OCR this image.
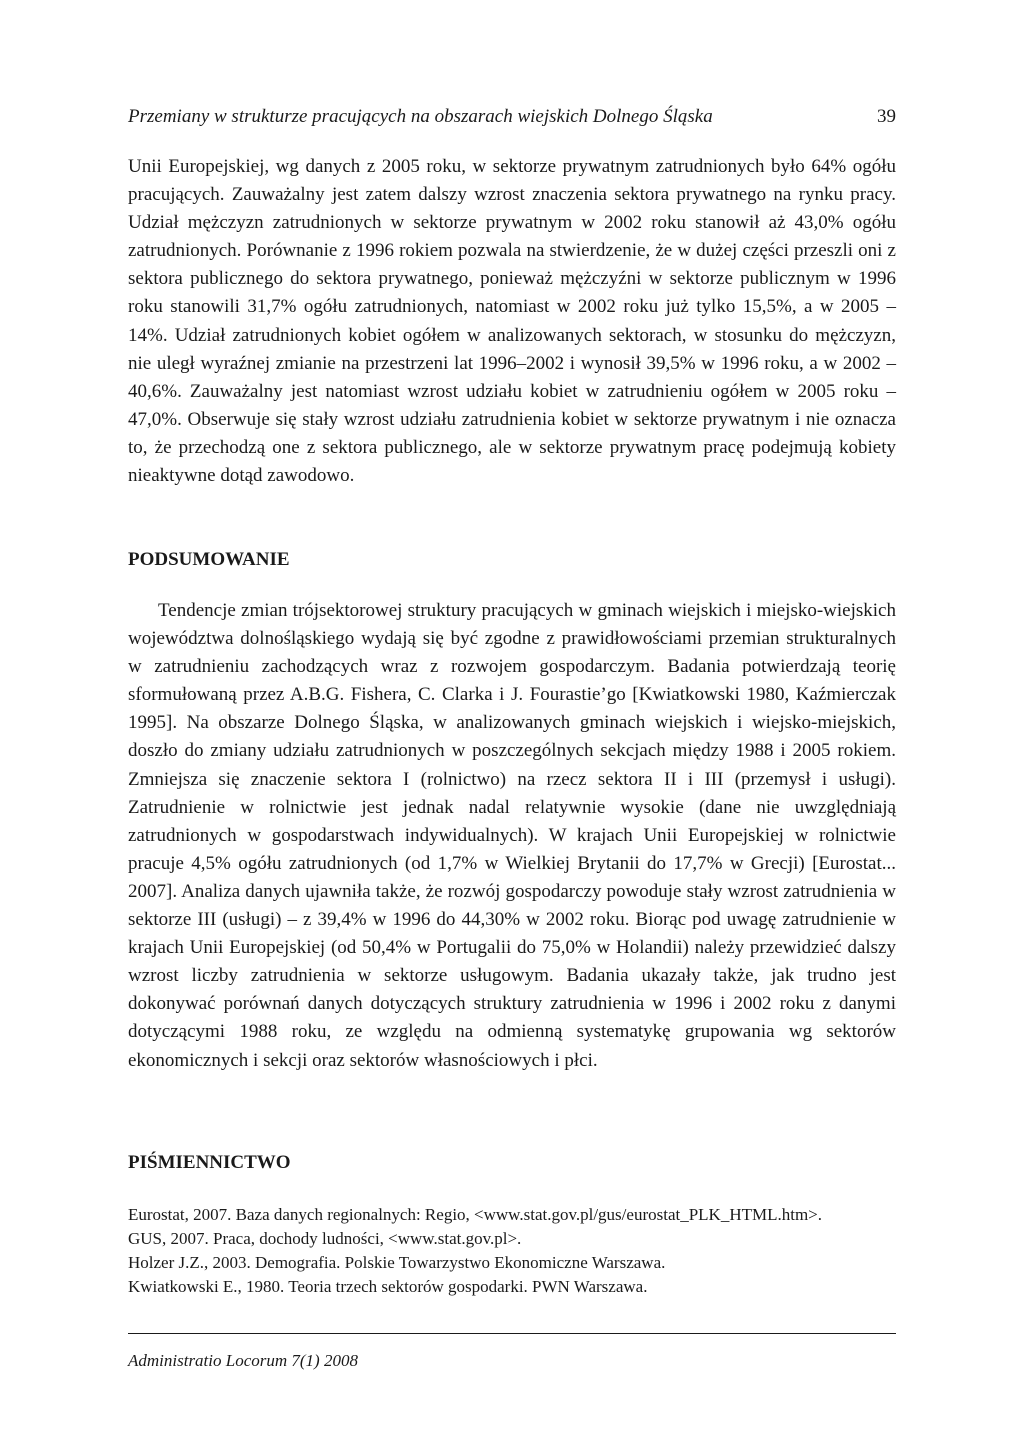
Przemiany w strukturze pracujących na obszarach wiejskich Dolnego Śląska	39

Unii Europejskiej, wg danych z 2005 roku, w sektorze prywatnym zatrudnionych było 64% ogółu pracujących. Zauważalny jest zatem dalszy wzrost znaczenia sektora prywatnego na rynku pracy. Udział mężczyzn zatrudnionych w sektorze prywatnym w 2002 roku stanowił aż 43,0% ogółu zatrudnionych. Porównanie z 1996 rokiem pozwala na stwierdzenie, że w dużej części przeszli oni z sektora publicznego do sektora prywatnego, ponieważ mężczyźni w sektorze publicznym w 1996 roku stanowili 31,7% ogółu zatrudnionych, natomiast w 2002 roku już tylko 15,5%, a w 2005 – 14%. Udział zatrudnionych kobiet ogółem w analizowanych sektorach, w stosunku do mężczyzn, nie uległ wyraźnej zmianie na przestrzeni lat 1996–2002 i wynosił 39,5% w 1996 roku, a w 2002 – 40,6%. Zauważalny jest natomiast wzrost udziału kobiet w zatrudnieniu ogółem w 2005 roku – 47,0%. Obserwuje się stały wzrost udziału zatrudnienia kobiet w sektorze prywatnym i nie oznacza to, że przechodzą one z sektora publicznego, ale w sektorze prywatnym pracę podejmują kobiety nieaktywne dotąd zawodowo.

PODSUMOWANIE

Tendencje zmian trójsektorowej struktury pracujących w gminach wiejskich i miejsko-wiejskich województwa dolnośląskiego wydają się być zgodne z prawidłowościami przemian strukturalnych w zatrudnieniu zachodzących wraz z rozwojem gospodarczym. Badania potwierdzają teorię sformułowaną przez A.B.G. Fishera, C. Clarka i J. Fourastie’go [Kwiatkowski 1980, Kaźmierczak 1995]. Na obszarze Dolnego Śląska, w analizowanych gminach wiejskich i wiejsko-miejskich, doszło do zmiany udziału zatrudnionych w poszczególnych sekcjach między 1988 i 2005 rokiem. Zmniejsza się znaczenie sektora I (rolnictwo) na rzecz sektora II i III (przemysł i usługi). Zatrudnienie w rolnictwie jest jednak nadal relatywnie wysokie (dane nie uwzględniają zatrudnionych w gospodarstwach indywidualnych). W krajach Unii Europejskiej w rolnictwie pracuje 4,5% ogółu zatrudnionych (od 1,7% w Wielkiej Brytanii do 17,7% w Grecji) [Eurostat... 2007]. Analiza danych ujawniła także, że rozwój gospodarczy powoduje stały wzrost zatrudnienia w sektorze III (usługi) – z 39,4% w 1996 do 44,30% w 2002 roku. Biorąc pod uwagę zatrudnienie w krajach Unii Europejskiej (od 50,4% w Portugalii do 75,0% w Holandii) należy przewidzieć dalszy wzrost liczby zatrudnienia w sektorze usługowym. Badania ukazały także, jak trudno jest dokonywać porównań danych dotyczących struktury zatrudnienia w 1996 i 2002 roku z danymi dotyczącymi 1988 roku, ze względu na odmienną systematykę grupowania wg sektorów ekonomicznych i sekcji oraz sektorów własnościowych i płci.

PIŚMIENNICTWO
Eurostat, 2007. Baza danych regionalnych: Regio, <www.stat.gov.pl/gus/eurostat_PLK_HTML.htm>.
GUS, 2007. Praca, dochody ludności, <www.stat.gov.pl>.
Holzer J.Z., 2003. Demografia. Polskie Towarzystwo Ekonomiczne Warszawa.
Kwiatkowski E., 1980. Teoria trzech sektorów gospodarki. PWN Warszawa.
Administratio Locorum 7(1) 2008
